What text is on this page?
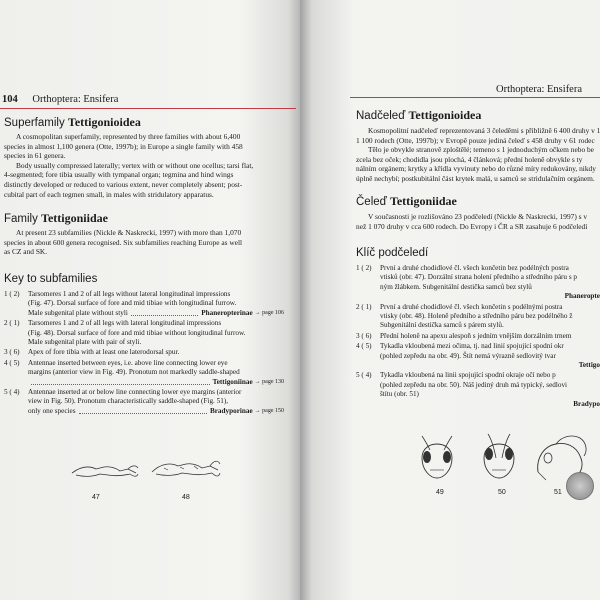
104 Orthoptera: Ensifera
Superfamily Tettigonioidea

A cosmopolitan superfamily, represented by three families with about 6,400

species in almost 1,100 genera (Otte, 1997b); in Europe a single family with 458

species in 61 genera.

Body usually compressed laterally; vertex with or without one ocellus; tarsi flat,

4-segmented; fore tibia usually with tympanal organ; tegmina and hind wings

distinctly developed or reduced to various extent, never completely absent; post-

cubital part of each tegmen small, in males with stridulatory apparatus.

Family Tettigoniidae

At present 23 subfamilies (Nickle & Naskrecki, 1997) with more than 1,070

species in about 600 genera recognised. Six subfamilies reaching Europe as well

as CZ and SK.

Key to subfamilies
1 ( 2) Tarsomeres 1 and 2 of all legs without lateral longitudinal impressions
(Fig. 47). Dorsal surface of fore and mid tibiae with longitudinal furrow.
Male subgenital plate without styli	Phaneropterinae → page 106
2 ( 1) Tarsomeres 1 and 2 of all legs with lateral longitudinal impressions
(Fig. 48). Dorsal surface of fore and mid tibiae without longitudinal furrow.
Male subgenital plate with pair of styli.
3 ( 6) Apex of fore tibia with at least one laterodorsal spur.
4 ( 5) Antennae inserted between eyes, i.e. above line connecting lower eye
margins (anterior view in Fig. 49). Pronotum not markedly saddle-shaped
Tettigoniinae → page 130
5 ( 4) Antennae inserted at or below line connecting lower eye margins (anterior
view in Fig. 50). Pronotum characteristically saddle-shaped (Fig. 51),
only one species	Bradyporinae → page 150
47	48
Orthoptera: Ensifera
Nadčeleď Tettigonioidea

Kosmopolitní nadčeleď reprezentovaná 3 čeleděmi s přibližně 6 400 druhy v 1

1 100 rodech (Otte, 1997b); v Evropě pouze jediná čeleď s 458 druhy v 61 rodec

Tělo je obvykle stranově zploštělé; temeno s 1 jednoduchým očkem nebo be

zcela bez oček; chodidla jsou plochá, 4 článková; přední holeně obvykle s ty

nálním orgánem; krytky a křídla vyvinuty nebo do různé míry redukovány, nikdy

úplně nechybí; postkubitální část krytek malá, u samců se stridulačním orgánem.

Čeleď Tettigoniidae

V současnosti je rozlišováno 23 podčeledí (Nickle & Naskrecki, 1997) s v

než 1 070 druhy v cca 600 rodech. Do Evropy i ČR a SR zasahuje 6 podčeledí

Klíč podčeledí
1 ( 2) První a druhé chodidlové čl. všech končetin bez podélných postra
vtisků (obr. 47). Dorzální strana holení předního a středního páru s p
ným žlábkem. Subgenitální destička samců bez stylů
Phaneropte
2 ( 1) První a druhé chodidlové čl. všech končetin s podélnými postra
vtisky (obr. 48). Holeně předního a středního páru bez podélného ž
Subgenitální destička samců s párem stylů.
3 ( 6) Přední holeně na apexu alespoň s jedním vnějším dorzálním trnem
4 ( 5) Tykadla vkloubená mezi očima, tj. nad linií spojující spodní okr
(pohled zepředu na obr. 49). Štít nemá výrazně sedlovitý tvar
Tettigo
5 ( 4) Tykadla vkloubená na linii spojující spodní okraje očí nebo p
(pohled zepředu na obr. 50). Náš jediný druh má typický, sedlovi
štítu (obr. 51)
Bradypo
49	50	51
